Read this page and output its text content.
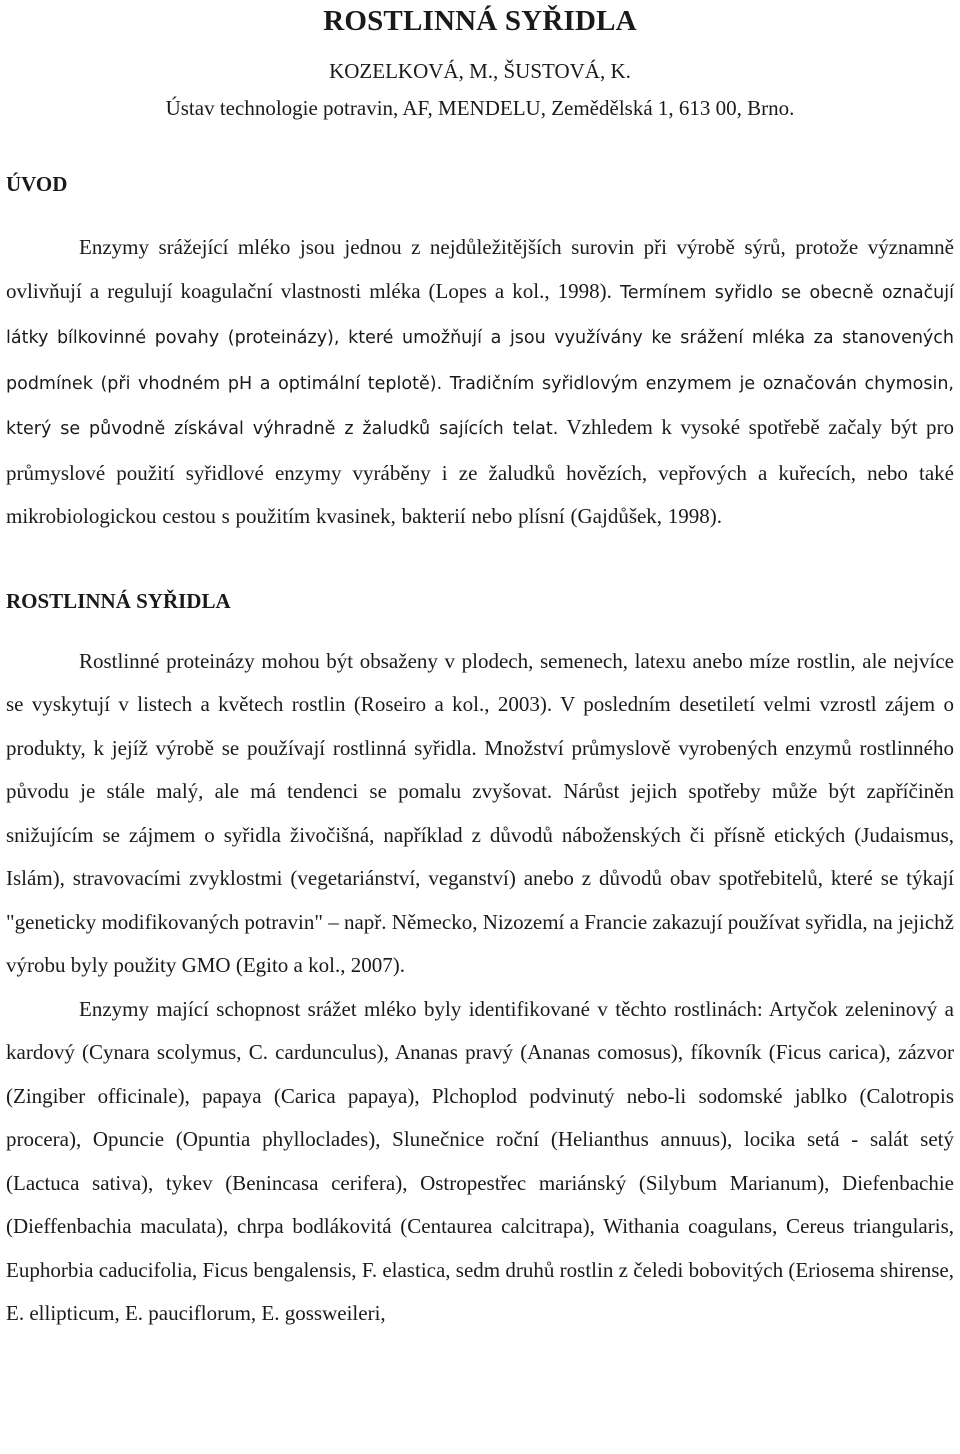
ROSTLINNÁ SYŘIDLA

KOZELKOVÁ, M., ŠUSTOVÁ, K.

Ústav technologie potravin, AF, MENDELU, Zemědělská 1, 613 00, Brno.

ÚVOD

Enzymy srážející mléko jsou jednou z nejdůležitějších surovin při výrobě sýrů, protože významně ovlivňují a regulují koagulační vlastnosti mléka (Lopes a kol., 1998). Termínem syřidlo se obecně označují látky bílkovinné povahy (proteinázy), které umožňují a jsou využívány ke srážení mléka za stanovených podmínek (při vhodném pH a optimální teplotě). Tradičním syřidlovým enzymem je označován chymosin, který se původně získával výhradně z žaludků sajících telat. Vzhledem k vysoké spotřebě začaly být pro průmyslové použití syřidlové enzymy vyráběny i ze žaludků hovězích, vepřových a kuřecích, nebo také mikrobiologickou cestou s použitím kvasinek, bakterií nebo plísní (Gajdůšek, 1998).

ROSTLINNÁ SYŘIDLA

Rostlinné proteinázy mohou být obsaženy v plodech, semenech, latexu anebo míze rostlin, ale nejvíce se vyskytují v listech a květech rostlin (Roseiro a kol., 2003). V posledním desetiletí velmi vzrostl zájem o produkty, k jejíž výrobě se používají rostlinná syřidla. Množství průmyslově vyrobených enzymů rostlinného původu je stále malý, ale má tendenci se pomalu zvyšovat. Nárůst jejich spotřeby může být zapříčiněn snižujícím se zájmem o syřidla živočišná, například z důvodů náboženských či přísně etických (Judaismus, Islám), stravovacími zvyklostmi (vegetariánství, veganství) anebo z důvodů obav spotřebitelů, které se týkají "geneticky modifikovaných potravin" – např. Německo, Nizozemí a Francie zakazují používat syřidla, na jejichž výrobu byly použity GMO (Egito a kol., 2007).

Enzymy mající schopnost srážet mléko byly identifikované v těchto rostlinách: Artyčok zeleninový a kardový (Cynara scolymus, C. cardunculus), Ananas pravý (Ananas comosus), fíkovník (Ficus carica), zázvor (Zingiber officinale), papaya (Carica papaya), Plchoplod podvinutý nebo-li sodomské jablko (Calotropis procera), Opuncie (Opuntia phylloclades), Slunečnice roční (Helianthus annuus), locika setá - salát setý (Lactuca sativa), tykev (Benincasa cerifera), Ostropestřec mariánský (Silybum Marianum), Diefenbachie (Dieffenbachia maculata), chrpa bodlákovitá (Centaurea calcitrapa), Withania coagulans, Cereus triangularis, Euphorbia caducifolia, Ficus bengalensis, F. elastica, sedm druhů rostlin z čeledi bobovitých (Eriosema shirense, E. ellipticum, E. pauciflorum, E. gossweileri,
